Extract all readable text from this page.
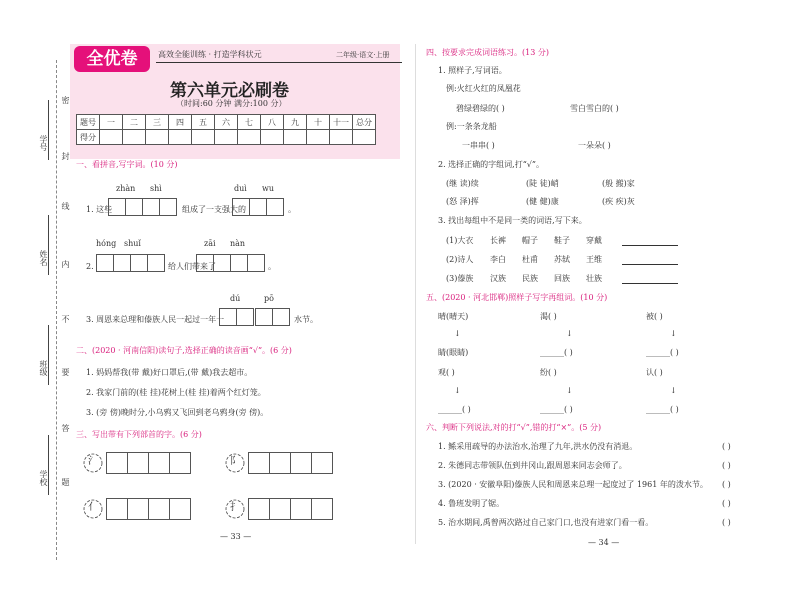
密
封
线
内
不
要
答
题
学号
姓名
班级
学校
全优卷	高效全能训练 · 打造学科状元	二年级·语文·上册
第六单元必刷卷
（时间:60 分钟 满分:100 分）
题号	一	二	三	四	五	六	七	八	九	十	十一	总分
得分												
一、看拼音,写字词。(10 分)
zhàn shì	duì wu
1. 这些	组成了一支强大的	。
hóng shuǐ	zāi nàn
2.	给人们带来了	。
dú	pō
3. 周恩来总理和傣族人民一起过一年一	水节。
二、(2020 · 河南信阳)读句子,选择正确的读音画“√”。(6 分)
1. 妈妈帮我(带 戴)好口罩后,(带 戴)我去超市。
2. 我家门前的(桂 挂)花树上(桂 挂)着两个红灯笼。
3. (旁 傍)晚时分,小乌鸦又飞回到老乌鸦身(旁 傍)。
三、写出带有下列部首的字。(6 分)
氵	阝
亻	扌
— 33 —
四、按要求完成词语练习。(13 分)
1. 照样子,写词语。
例:火红火红的凤凰花
碧绿碧绿的( )	雪白雪白的( )
例:一条条龙船
一串串( )	一朵朵( )
2. 选择正确的字组词,打“√”。
(继 读)续	(陡 徒)峭	(般 搬)家
(怒 泽)挥	(健 健)康	(疾 疾)灰
3. 找出每组中不是同一类的词语,写下来。
(1)大衣 长裤 帽子 鞋子 穿戴
(2)诗人 李白 杜甫 苏轼 王维
(3)傣族 汉族 民族 回族 壮族
五、(2020 · 河北邯郸)照样子写字再组词。(10 分)
晴(晴天)	渴( )	被( )
↓	↓	↓
睛(眼睛)	______( )	______( )
观( )	纷( )	认( )
↓	↓	↓
______( )	______( )	______( )
六、判断下列说法,对的打“√”,错的打“×”。(5 分)
1. 鲧采用疏导的办法治水,治理了九年,洪水仍没有消退。	( )
2. 朱德同志带领队伍到井冈山,跟周恩来同志会师了。	( )
3. (2020 · 安徽阜阳)傣族人民和周恩来总理一起度过了 1961 年的泼水节。 ( )
4. 鲁班发明了锯。	( )
5. 治水期间,禹曾两次路过自己家门口,也没有进家门看一看。	( )
— 34 —
